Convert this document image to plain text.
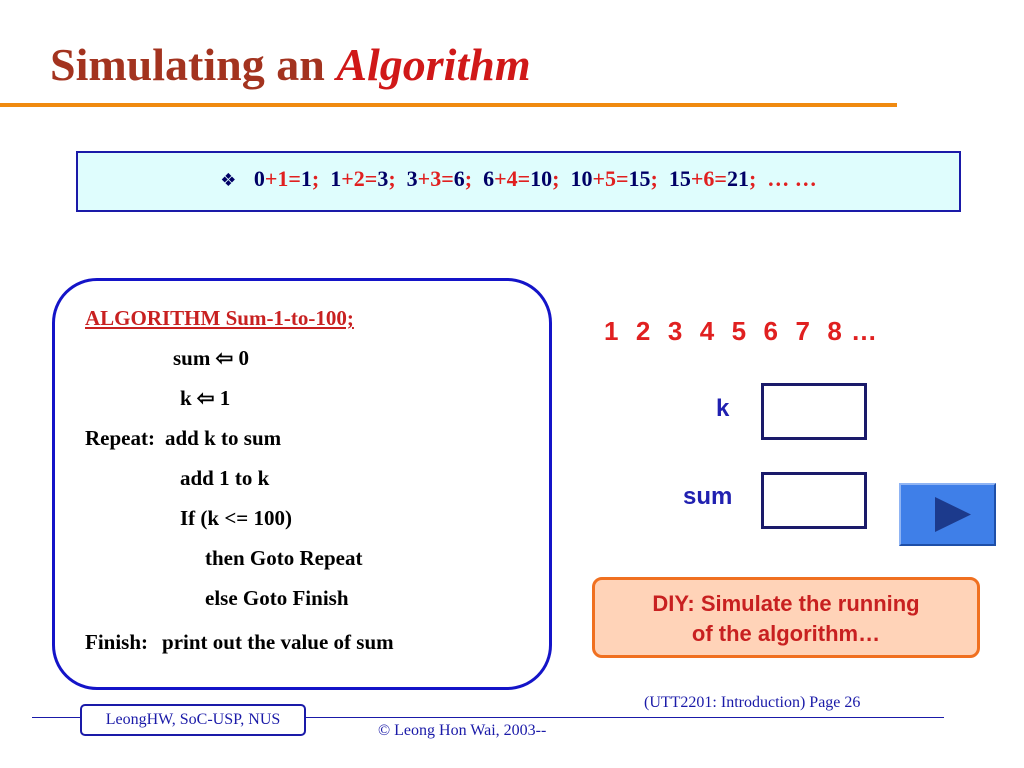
Simulating an Algorithm
❖ 0+1=1; 1+2=3; 3+3=6; 6+4=10; 10+5=15; 15+6=21; … …
ALGORITHM Sum-1-to-100;
sum ⇦ 0
k ⇦ 1
Repeat: add k to sum
add 1 to k
If (k <= 100)
then Goto Repeat
else Goto Finish
Finish: print out the value of sum
1  2  3  4  5  6  7  8 …
k
sum
DIY: Simulate the running
of the algorithm…
LeongHW, SoC-USP, NUS
(UTT2201: Introduction) Page 26
© Leong Hon Wai, 2003--
